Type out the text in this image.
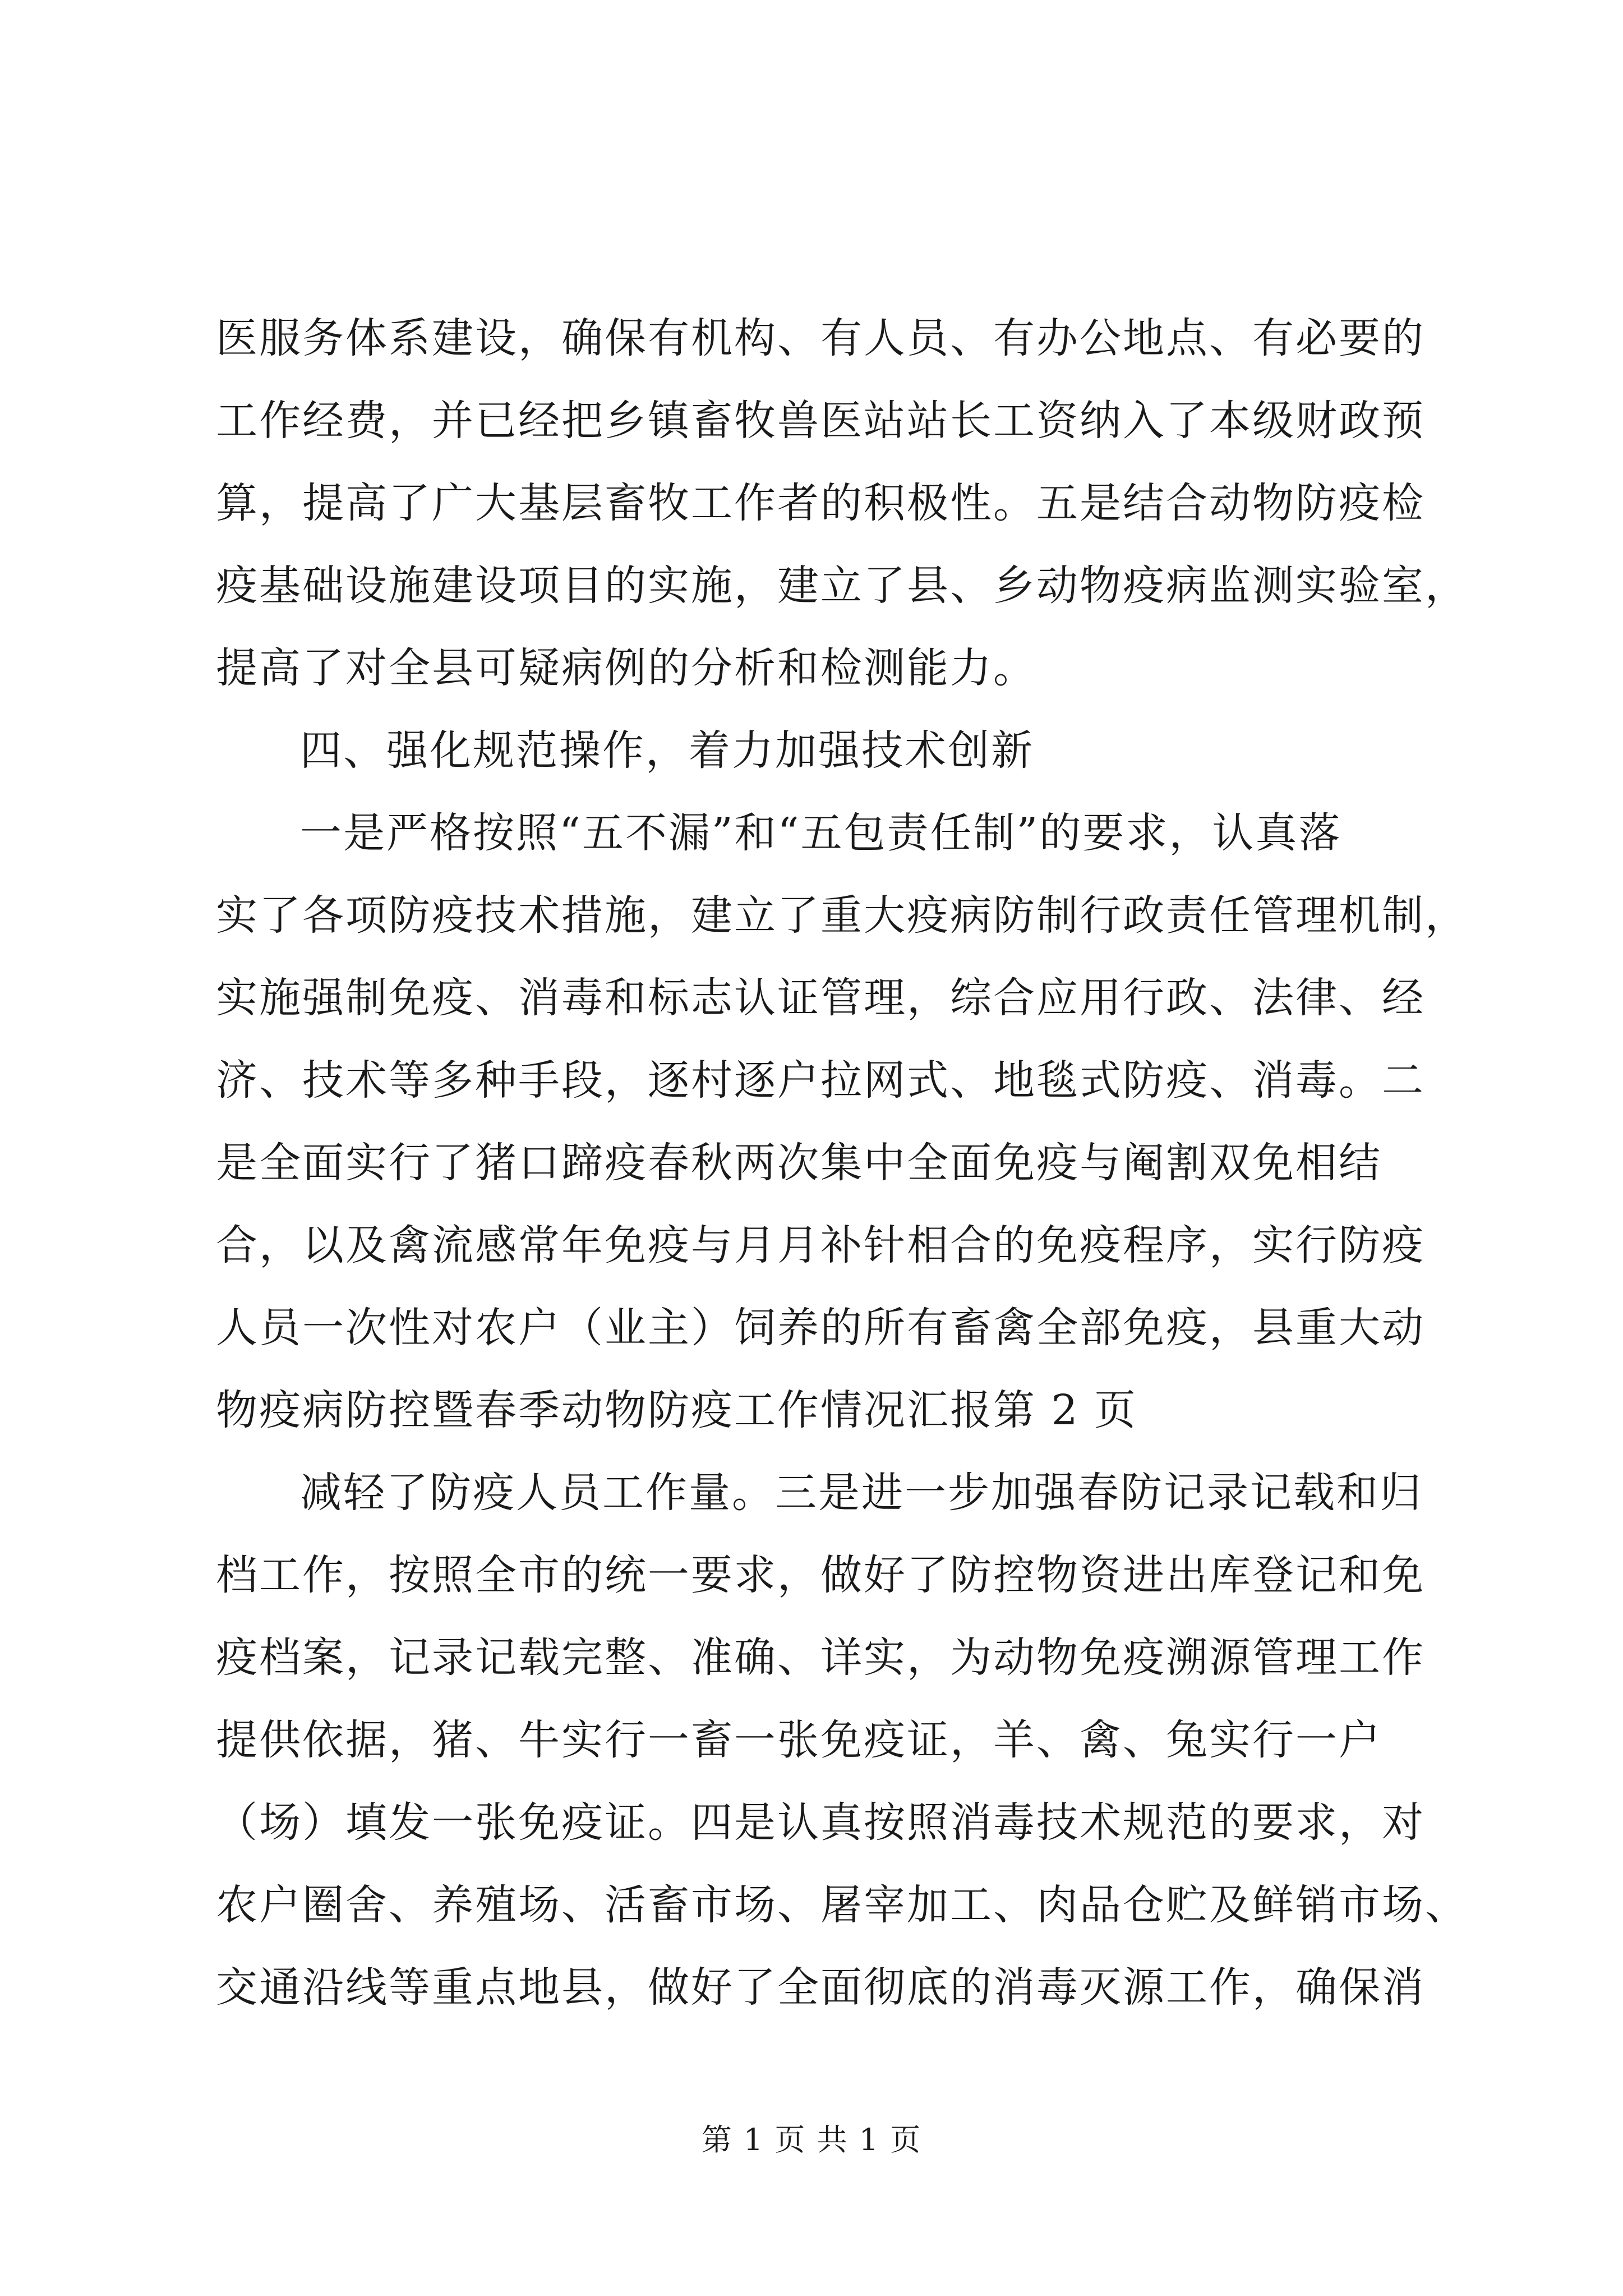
医服务体系建设，确保有机构、有人员、有办公地点、有必要的
工作经费，并已经把乡镇畜牧兽医站站长工资纳入了本级财政预
算，提高了广大基层畜牧工作者的积极性。五是结合动物防疫检
疫基础设施建设项目的实施，建立了县、乡动物疫病监测实验室，
提高了对全县可疑病例的分析和检测能力。
四、强化规范操作，着力加强技术创新
一是严格按照“五不漏”和“五包责任制”的要求，认真落
实了各项防疫技术措施，建立了重大疫病防制行政责任管理机制，
实施强制免疫、消毒和标志认证管理，综合应用行政、法律、经
济、技术等多种手段，逐村逐户拉网式、地毯式防疫、消毒。二
是全面实行了猪口蹄疫春秋两次集中全面免疫与阉割双免相结
合，以及禽流感常年免疫与月月补针相合的免疫程序，实行防疫
人员一次性对农户（业主）饲养的所有畜禽全部免疫，县重大动
物疫病防控暨春季动物防疫工作情况汇报第 2 页
减轻了防疫人员工作量。三是进一步加强春防记录记载和归
档工作，按照全市的统一要求，做好了防控物资进出库登记和免
疫档案，记录记载完整、准确、详实，为动物免疫溯源管理工作
提供依据，猪、牛实行一畜一张免疫证，羊、禽、兔实行一户
（场）填发一张免疫证。四是认真按照消毒技术规范的要求，对
农户圈舍、养殖场、活畜市场、屠宰加工、肉品仓贮及鲜销市场、
交通沿线等重点地县，做好了全面彻底的消毒灭源工作，确保消
第 1 页 共 1 页
